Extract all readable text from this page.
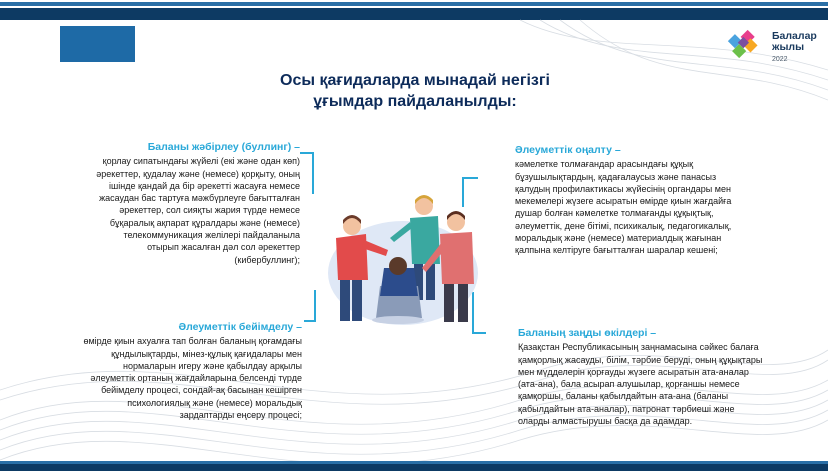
Балалар
жылы
2022
Осы қағидаларда мынадай негізгі
ұғымдар пайдаланылды:
Баланы жәбірлеу (буллинг) –
қорлау сипатындағы жүйелі (екі және одан көп)
әрекеттер, қудалау және (немесе) қорқыту, оның
ішінде қандай да бір әрекетті жасауға немесе
жасаудан бас тартуға мәжбүрлеуге бағытталған
әрекеттер, сол сияқты жария түрде немесе
бұқаралық ақпарат құралдары және (немесе)
телекоммуникация желілері пайдаланыла
отырып жасалған дәл сол әрекеттер
(кибербуллинг);
Әлеуметтік оңалту –
кәмелетке толмағандар арасындағы құқық
бұзушылықтардың, қадағалаусыз және панасыз
қалудың профилактикасы жүйесінің органдары мен
мекемелері жүзеге асыратын өмірде қиын жағдайға
душар болған кәмелетке толмағанды құқықтық,
әлеуметтік, дене бітімі, психикалық, педагогикалық,
моральдық және (немесе) материалдық жағынан
қалпына келтіруге бағытталған шаралар кешені;
Әлеуметтік бейімделу –
өмірде қиын ахуалға тап болған баланың қоғамдағы
құндылықтарды, мінез-құлық қағидалары мен
нормаларын игеру және қабылдау арқылы
әлеуметтік ортаның жағдайларына белсенді түрде
бейімделу процесі, сондай-ақ басынан кешірген
психологиялық және (немесе) моральдық
зардаптарды еңсеру процесі;
Баланың заңды өкілдері –
Қазақстан Республикасының заңнамасына сәйкес балаға
қамқорлық жасауды, білім, тәрбие беруді, оның құқықтары
мен мүдделерін қорғауды жүзеге асыратын ата-аналар
(ата-ана), бала асырап алушылар, қорғаншы немесе
қамқоршы, баланы қабылдайтын ата-ана (баланы
қабылдайтын ата-аналар), патронат тәрбиеші және
оларды алмастырушы басқа да адамдар.
